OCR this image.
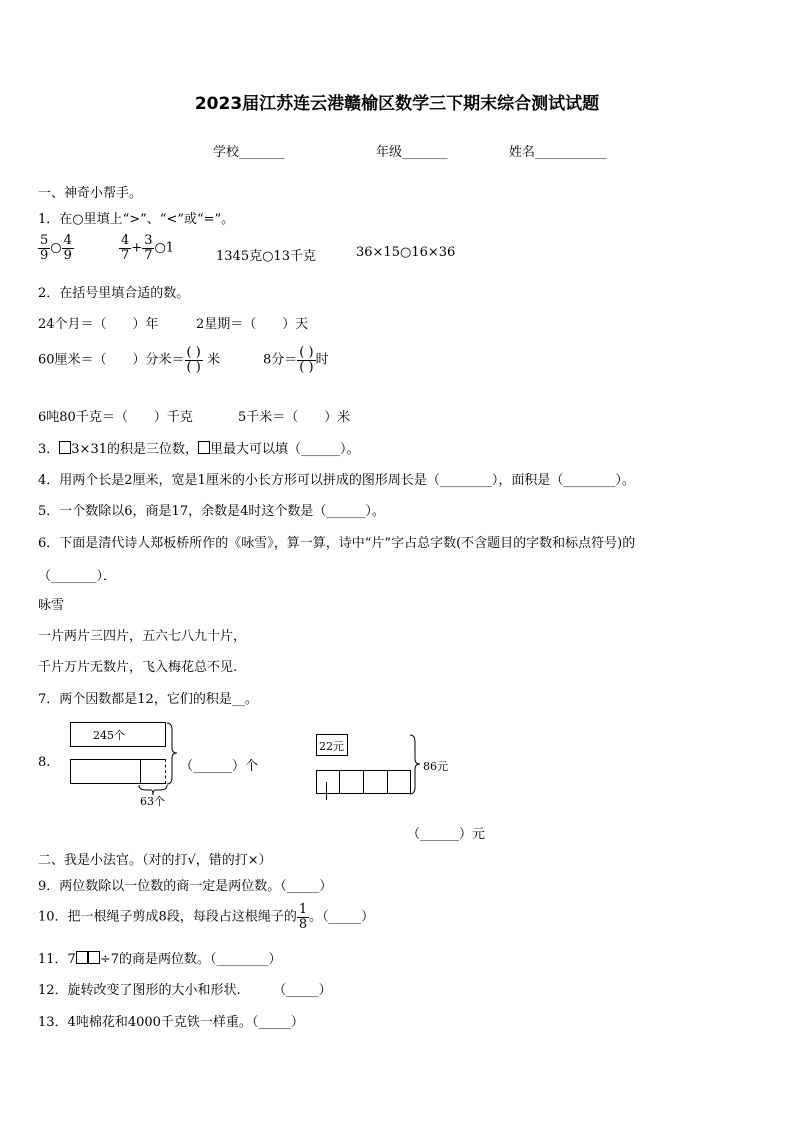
2023届江苏连云港赣榆区数学三下期末综合测试试题
学校_______	年级_______	姓名___________
一、神奇小帮手。
1．在○里填上“>”、“<”或“=”。
$\frac{5}{9}$ ○ $\frac{4}{9}$	$\frac{4}{7} + \frac{3}{7}$ ○1
1345克○13千克	36×15○16×36
2．在括号里填合适的数。
24个月＝（　　）年	2星期＝（　　）天
60厘米＝（　　）分米＝ $\frac{( )}{( )}$ 米	8分＝ $\frac{( )}{( )}$ 时
6吨80千克＝（　　）千克	5千米＝（　　）米
3． 3×31的积是三位数， 里最大可以填（______）。
4．用两个长是2厘米，宽是1厘米的小长方形可以拼成的图形周长是（________），面积是（________）。
5．一个数除以6，商是17，余数是4时这个数是（______）。
6．下面是清代诗人郑板桥所作的《咏雪》，算一算，诗中“片”字占总字数(不含题目的字数和标点符号)的
（_______）．
咏雪
一片两片三四片，五六七八九十片，
千片万片无数片，飞入梅花总不见.
7．两个因数都是12，它们的积是__。
8.
245个
63个
（______）个
22元
86元
（______）元
二、我是小法官。（对的打√，错的打×）
9．两位数除以一位数的商一定是两位数。（_____）
10．把一根绳子剪成8段，每段占这根绳子的 $\frac{1}{8}$ 。（_____）
11．7 ÷7的商是两位数。（________）
12．旋转改变了图形的大小和形状.　　　（_____）
13．4吨棉花和4000千克铁一样重。（_____）
